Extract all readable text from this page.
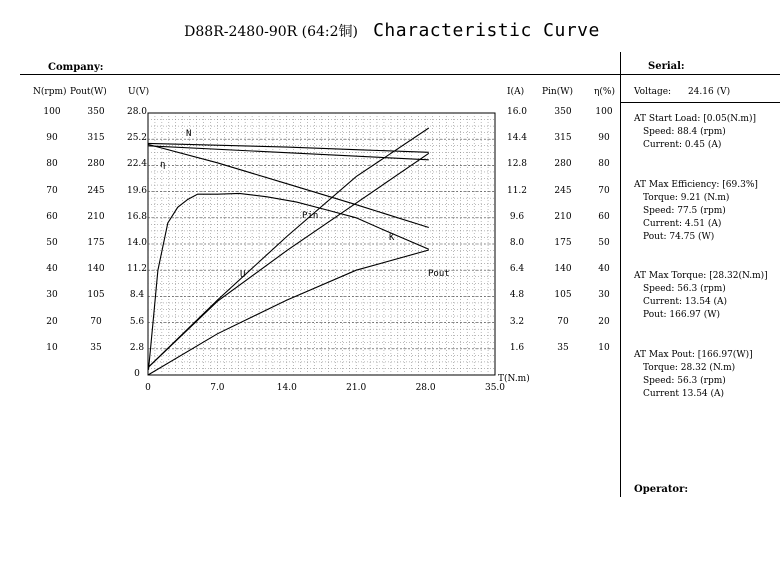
D88R-2480-90R (64:2铜) Characteristic Curve
Company:	Serial:
N(rpm) Pout(W) U(V)	I(A) Pin(W) η(%)
100
90
80
70
60
50
40
30
20
10
350
315
280
245
210
175
140
105
70
35
28.0
25.2
22.4
19.6
16.8
14.0
11.2
8.4
5.6
2.8
0
16.0
14.4
12.8
11.2
9.6
8.0
6.4
4.8
3.2
1.6
350
315
280
245
210
175
140
105
70
35
100
90
80
70
60
50
40
30
20
10
N
η
U
Pin
Pout
K
0	7.0	14.0	21.0	28.0	35.0
T(N.m)
Voltage: 24.16 (V)
AT Start Load: [0.05(N.m)]
Speed: 88.4 (rpm)
Current: 0.45 (A)
AT Max Efficiency: [69.3%]
Torque: 9.21 (N.m)
Speed: 77.5 (rpm)
Current: 4.51 (A)
Pout: 74.75 (W)
AT Max Torque: [28.32(N.m)]
Speed: 56.3 (rpm)
Current: 13.54 (A)
Pout: 166.97 (W)
AT Max Pout: [166.97(W)]
Torque: 28.32 (N.m)
Speed: 56.3 (rpm)
Current 13.54 (A)
Operator:
